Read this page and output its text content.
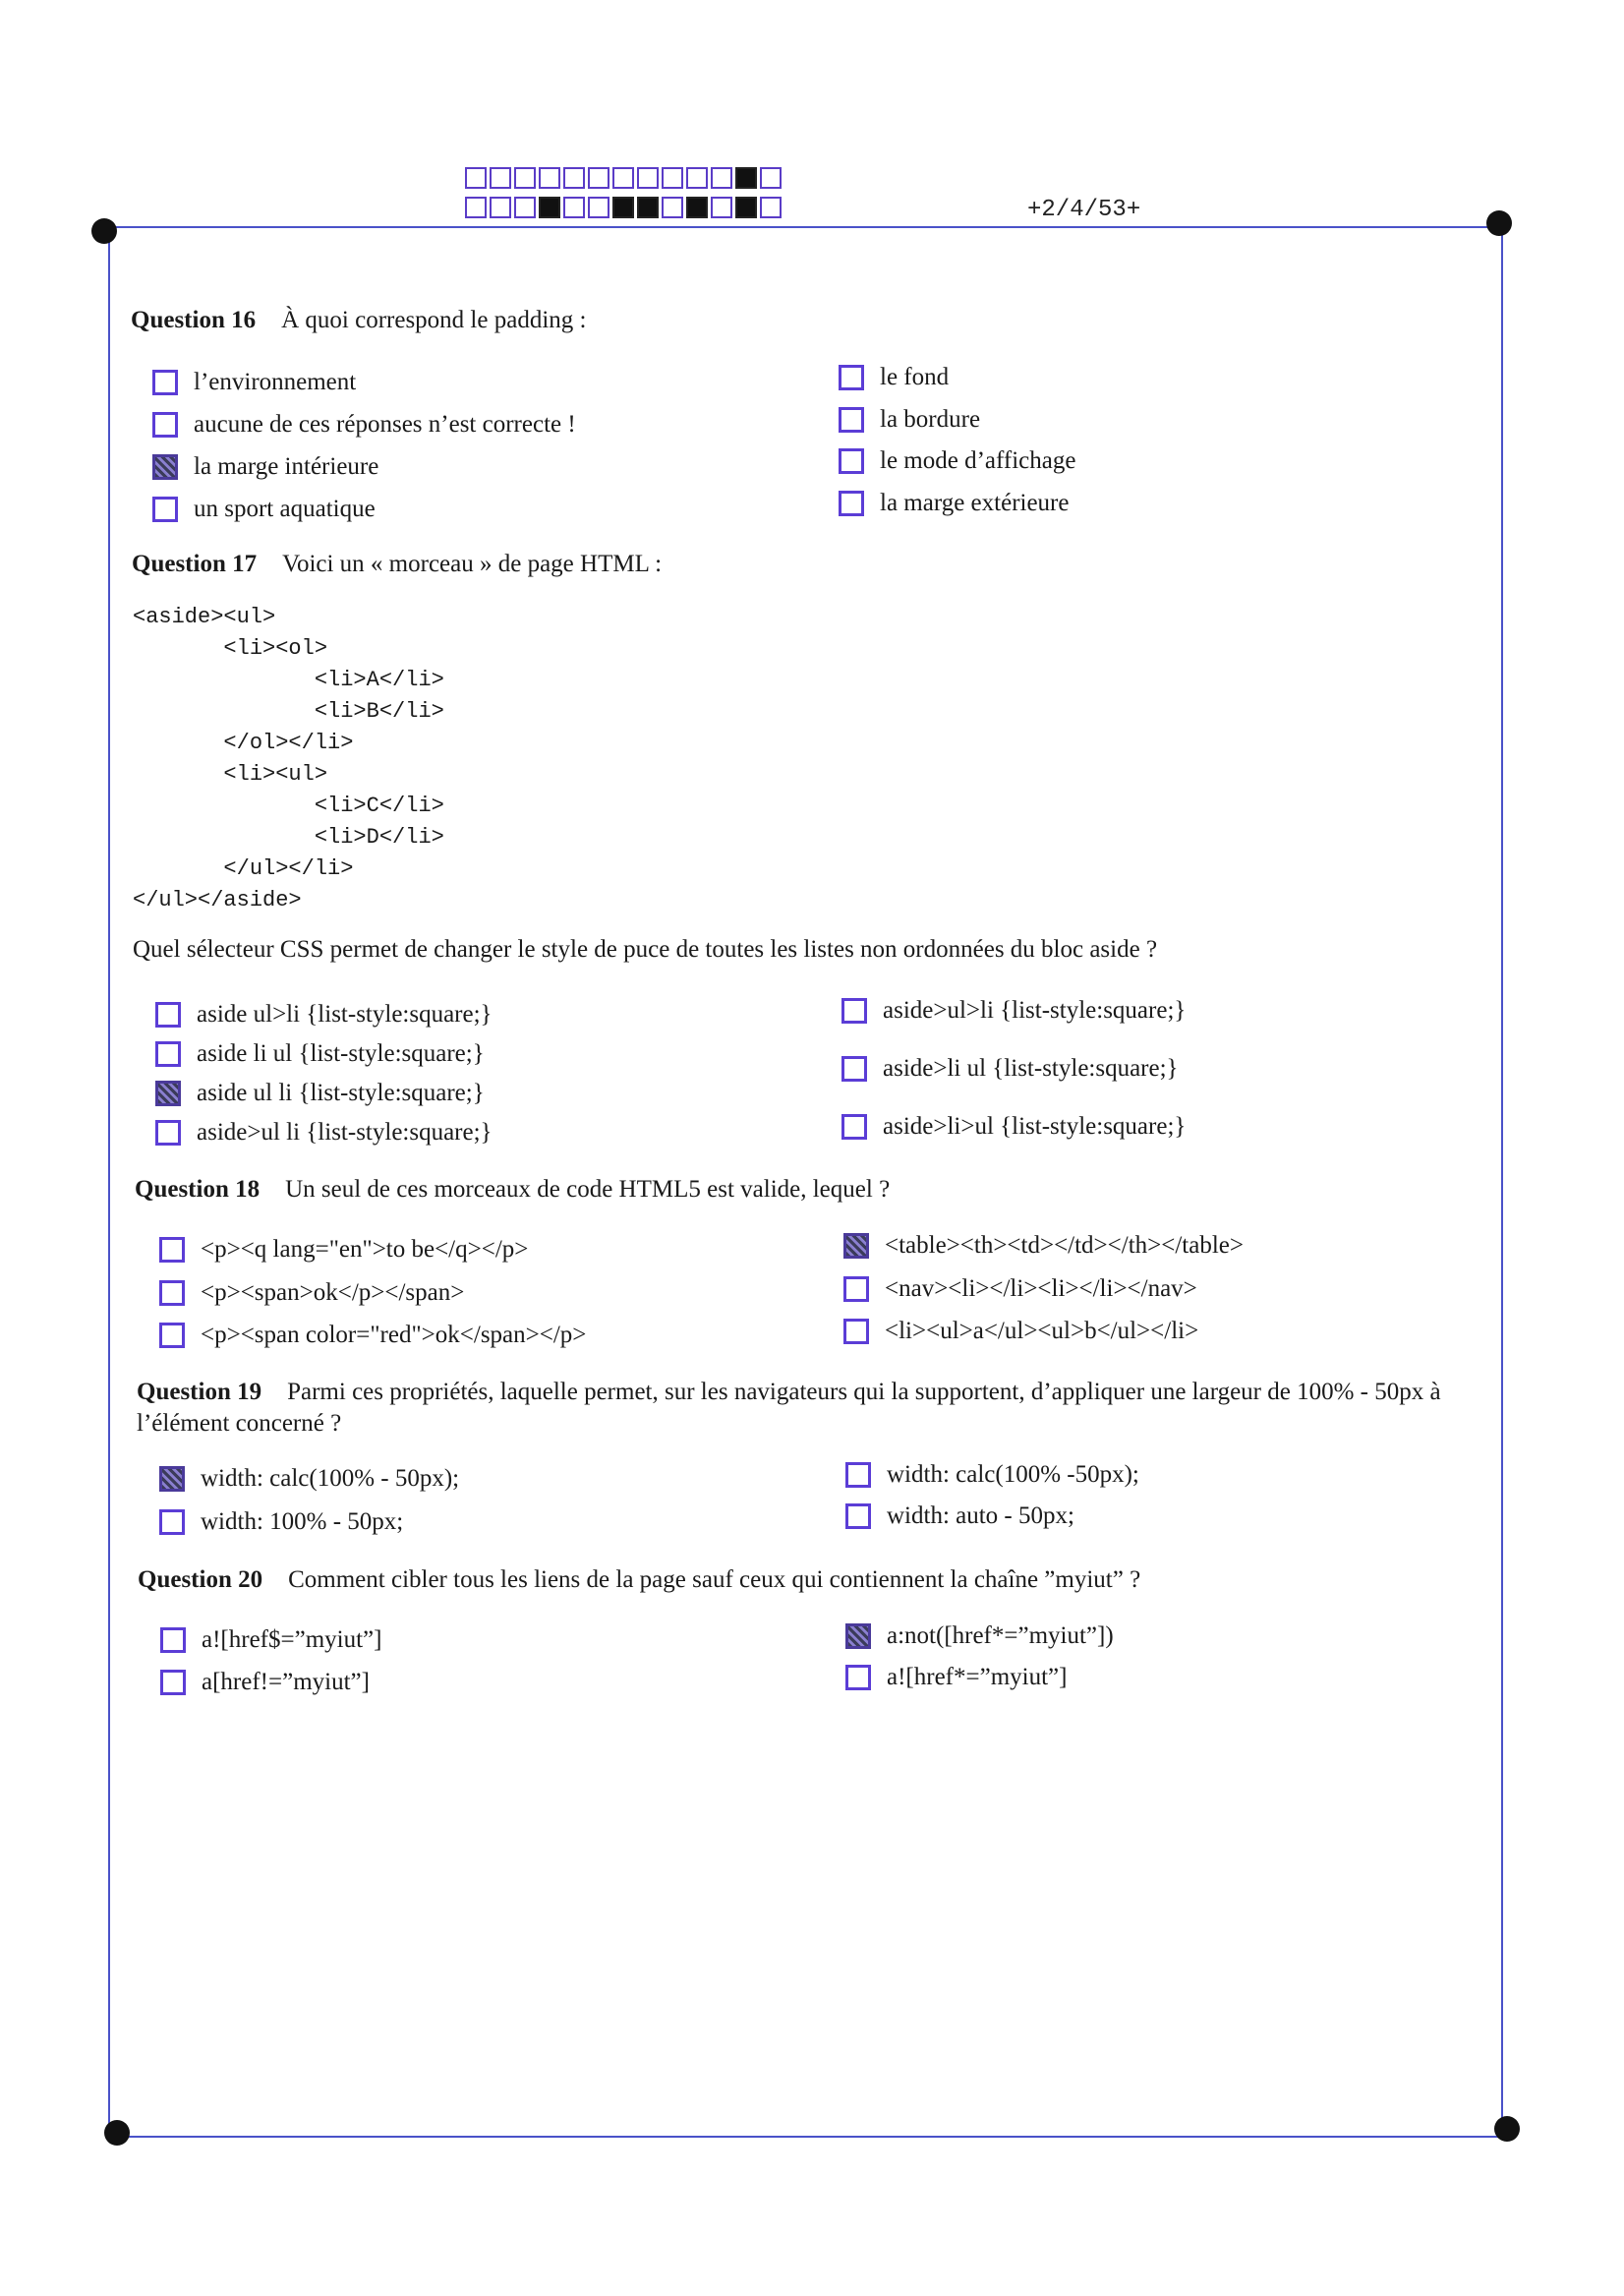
+2/4/53+
Question 16 À quoi correspond le padding :
l’environnement
aucune de ces réponses n’est correcte !
la marge intérieure
un sport aquatique
le fond
la bordure
le mode d’affichage
la marge extérieure
Question 17 Voici un « morceau » de page HTML :
<aside><ul>
<li><ol>
<li>A</li>
<li>B</li>
</ol></li>
<li><ul>
<li>C</li>
<li>D</li>
</ul></li>
</ul></aside>
Quel sélecteur CSS permet de changer le style de puce de toutes les listes non ordonnées du bloc aside ?
aside ul>li {list-style:square;}
aside li ul {list-style:square;}
aside ul li {list-style:square;}
aside>ul li {list-style:square;}
aside>ul>li {list-style:square;}
aside>li ul {list-style:square;}
aside>li>ul {list-style:square;}
Question 18 Un seul de ces morceaux de code HTML5 est valide, lequel ?
<p><q lang="en">to be</q></p>
<p><span>ok</p></span>
<p><span color="red">ok</span></p>
<table><th><td></td></th></table>
<nav><li></li><li></li></nav>
<li><ul>a</ul><ul>b</ul></li>
Question 19 Parmi ces propriétés, laquelle permet, sur les navigateurs qui la supportent, d’appliquer une largeur de 100% - 50px à l’élément concerné ?
width: calc(100% - 50px);
width: 100% - 50px;
width: calc(100% -50px);
width: auto - 50px;
Question 20 Comment cibler tous les liens de la page sauf ceux qui contiennent la chaîne ”myiut” ?
a![href$=”myiut”]
a[href!=”myiut”]
a:not([href*=”myiut”])
a![href*=”myiut”]
